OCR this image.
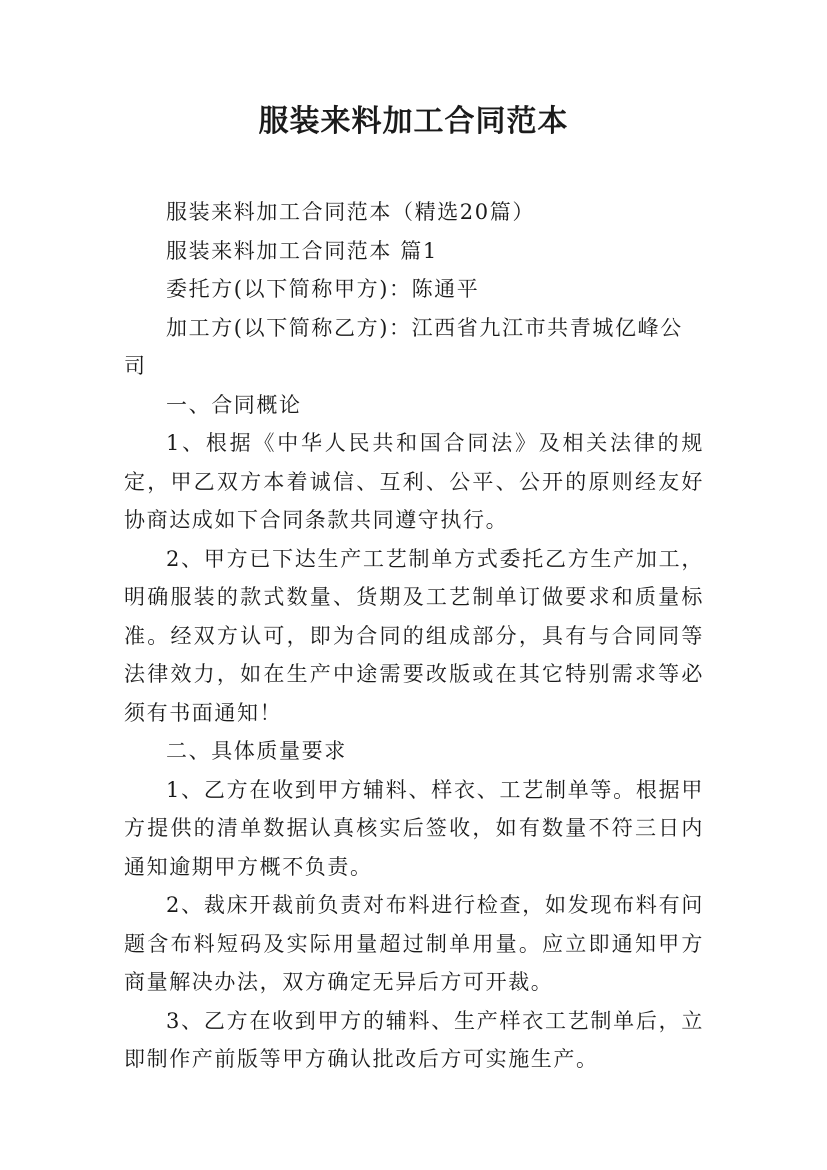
服装来料加工合同范本

服装来料加工合同范本（精选20篇）

服装来料加工合同范本 篇1

委托方(以下简称甲方)：陈通平

加工方(以下简称乙方)：江西省九江市共青城亿峰公司

一、合同概论

1、根据《中华人民共和国合同法》及相关法律的规定，甲乙双方本着诚信、互利、公平、公开的原则经友好协商达成如下合同条款共同遵守执行。

2、甲方已下达生产工艺制单方式委托乙方生产加工，明确服装的款式数量、货期及工艺制单订做要求和质量标准。经双方认可，即为合同的组成部分，具有与合同同等法律效力，如在生产中途需要改版或在其它特别需求等必须有书面通知！

二、具体质量要求

1、乙方在收到甲方辅料、样衣、工艺制单等。根据甲方提供的清单数据认真核实后签收，如有数量不符三日内通知逾期甲方概不负责。

2、裁床开裁前负责对布料进行检查，如发现布料有问题含布料短码及实际用量超过制单用量。应立即通知甲方商量解决办法，双方确定无异后方可开裁。

3、乙方在收到甲方的辅料、生产样衣工艺制单后，立即制作产前版等甲方确认批改后方可实施生产。
